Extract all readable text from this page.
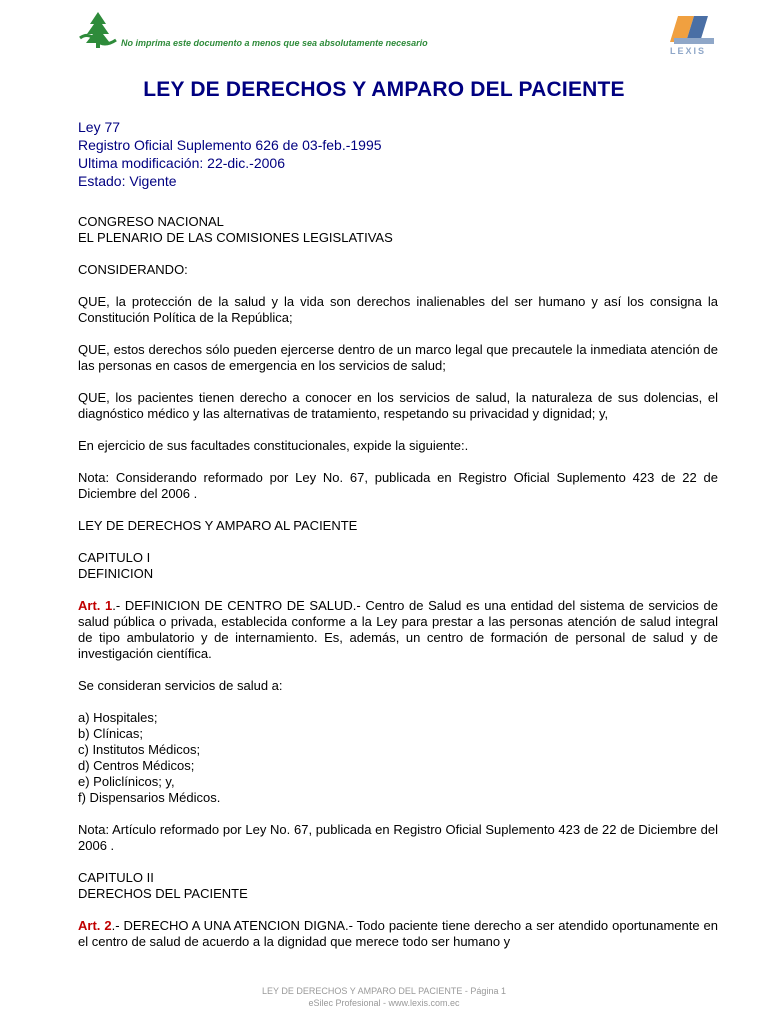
No imprima este documento a menos que sea absolutamente necesario
LEXIS
LEY DE DERECHOS Y AMPARO DEL PACIENTE
Ley 77
Registro Oficial Suplemento 626 de 03-feb.-1995
Ultima modificación: 22-dic.-2006
Estado: Vigente

CONGRESO NACIONAL
EL PLENARIO DE LAS COMISIONES LEGISLATIVAS

CONSIDERANDO:

QUE, la protección de la salud y la vida son derechos inalienables del ser humano y así los consigna la Constitución Política de la República;

QUE, estos derechos sólo pueden ejercerse dentro de un marco legal que precautele la inmediata atención de las personas en casos de emergencia en los servicios de salud;

QUE, los pacientes tienen derecho a conocer en los servicios de salud, la naturaleza de sus dolencias, el diagnóstico médico y las alternativas de tratamiento, respetando su privacidad y dignidad; y,

En ejercicio de sus facultades constitucionales, expide la siguiente:.

Nota: Considerando reformado por Ley No. 67, publicada en Registro Oficial Suplemento 423 de 22 de Diciembre del 2006 .

LEY DE DERECHOS Y AMPARO AL PACIENTE

CAPITULO I
DEFINICION

Art. 1.- DEFINICION DE CENTRO DE SALUD.- Centro de Salud es una entidad del sistema de servicios de salud pública o privada, establecida conforme a la Ley para prestar a las personas atención de salud integral de tipo ambulatorio y de internamiento. Es, además, un centro de formación de personal de salud y de investigación científica.

Se consideran servicios de salud a:

a) Hospitales;
b) Clínicas;
c) Institutos Médicos;
d) Centros Médicos;
e) Policlínicos; y,
f) Dispensarios Médicos.

Nota: Artículo reformado por Ley No. 67, publicada en Registro Oficial Suplemento 423 de 22 de Diciembre del 2006 .

CAPITULO II
DERECHOS DEL PACIENTE

Art. 2.- DERECHO A UNA ATENCION DIGNA.- Todo paciente tiene derecho a ser atendido oportunamente en el centro de salud de acuerdo a la dignidad que merece todo ser humano y

LEY DE DERECHOS Y AMPARO DEL PACIENTE - Página 1
eSilec Profesional - www.lexis.com.ec
